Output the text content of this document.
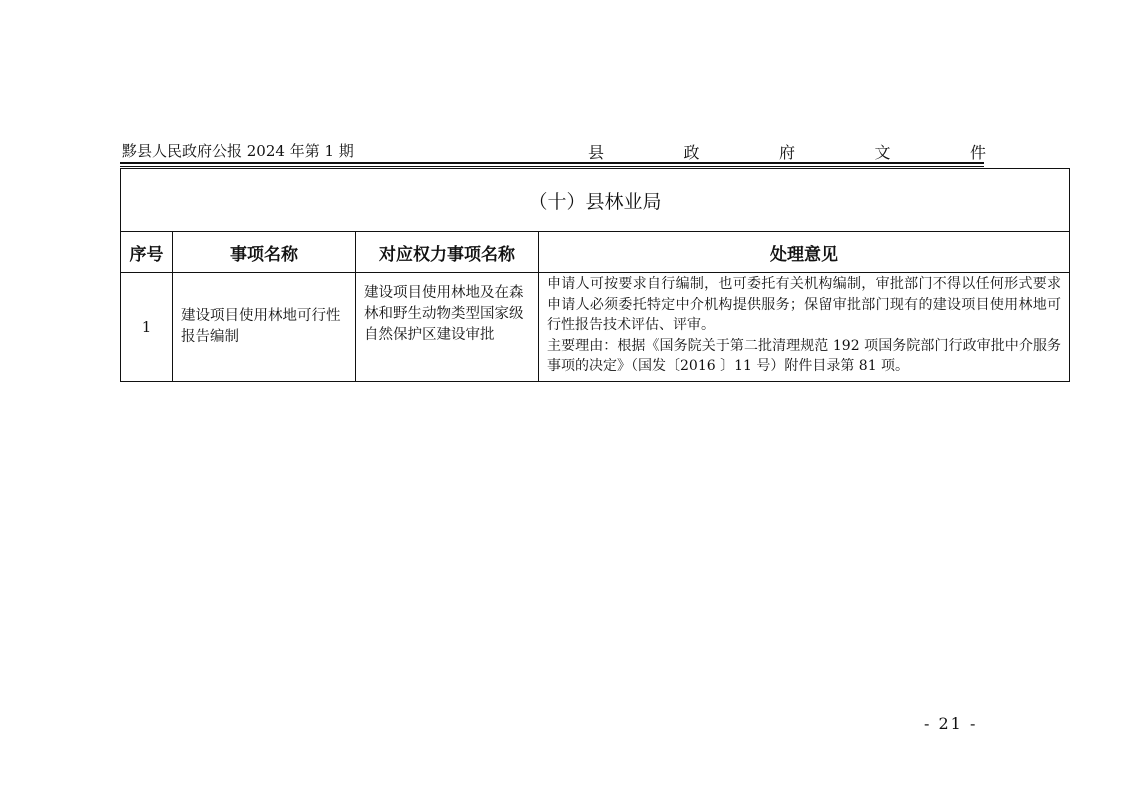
黟县人民政府公报 2024 年第 1 期	县	政	府	文	件
（十）县林业局			
序号	事项名称	对应权力事项名称	处理意见
1	建设项目使用林地可行性报告编制	建设项目使用林地及在森林和野生动物类型国家级自然保护区建设审批	申请人可按要求自行编制，也可委托有关机构编制，审批部门不得以任何形式要求申请人必须委托特定中介机构提供服务；保留审批部门现有的建设项目使用林地可行性报告技术评估、评审。

主要理由：根据《国务院关于第二批清理规范 192 项国务院部门行政审批中介服务事项的决定》（国发〔2016 〕11 号）附件目录第 81 项。

- 21 -
